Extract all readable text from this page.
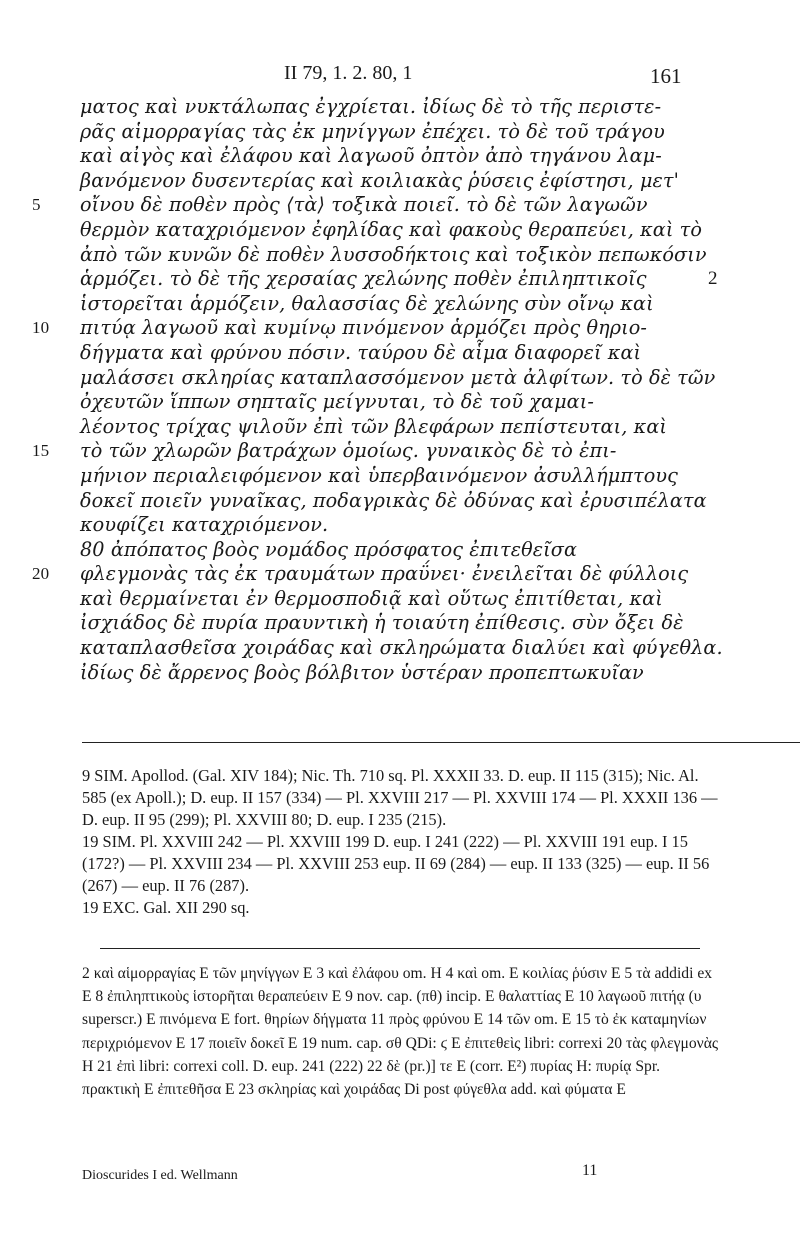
II 79, 1. 2. 80, 1	161
ματος καὶ νυκτάλωπας ἐγχρίεται. ἰδίως δὲ τὸ τῆς περιστε-
ρᾶς αἱμορραγίας τὰς ἐκ μηνίγγων ἐπέχει. τὸ δὲ τοῦ τράγου
καὶ αἰγὸς καὶ ἐλάφου καὶ λαγωοῦ ὀπτὸν ἀπὸ τηγάνου λαμ-
βανόμενον δυσεντερίας καὶ κοιλιακὰς ῥύσεις ἐφίστησι, μετ'
5	οἴνου δὲ ποθὲν πρὸς ⟨τὰ⟩ τοξικὰ ποιεῖ. τὸ δὲ τῶν λαγωῶν
θερμὸν καταχριόμενον ἐφηλίδας καὶ φακοὺς θεραπεύει, καὶ τὸ
ἀπὸ τῶν κυνῶν δὲ ποθὲν λυσσοδήκτοις καὶ τοξικὸν πεπωκόσιν
ἁρμόζει. τὸ δὲ τῆς χερσαίας χελώνης ποθὲν ἐπιληπτικοῖς	2
ἱστορεῖται ἁρμόζειν, θαλασσίας δὲ χελώνης σὺν οἴνῳ καὶ
10	πιτύᾳ λαγωοῦ καὶ κυμίνῳ πινόμενον ἁρμόζει πρὸς θηριο-
δήγματα καὶ φρύνου πόσιν. ταύρου δὲ αἷμα διαφορεῖ καὶ
μαλάσσει σκληρίας καταπλασσόμενον μετὰ ἀλφίτων. τὸ δὲ τῶν
ὀχευτῶν ἵππων σηπταῖς μείγνυται, τὸ δὲ τοῦ χαμαι-
λέοντος τρίχας ψιλοῦν ἐπὶ τῶν βλεφάρων πεπίστευται, καὶ
15	τὸ τῶν χλωρῶν βατράχων ὁμοίως. γυναικὸς δὲ τὸ ἐπι-
μήνιον περιαλειφόμενον καὶ ὑπερβαινόμενον ἀσυλλήμπτους
δοκεῖ ποιεῖν γυναῖκας, ποδαγρικὰς δὲ ὀδύνας καὶ ἐρυσιπέλατα
κουφίζει καταχριόμενον.
80 ἀπόπατος βοὸς νομάδος πρόσφατος ἐπιτεθεῖσα
20	φλεγμονὰς τὰς ἐκ τραυμάτων πραΰνει· ἐνειλεῖται δὲ φύλλοις
καὶ θερμαίνεται ἐν θερμοσποδιᾷ καὶ οὕτως ἐπιτίθεται, καὶ
ἰσχιάδος δὲ πυρία πραυντικὴ ἡ τοιαύτη ἐπίθεσις. σὺν ὄξει δὲ
καταπλασθεῖσα χοιράδας καὶ σκληρώματα διαλύει καὶ φύγεθλα.
ἰδίως δὲ ἄρρενος βοὸς βόλβιτον ὑστέραν προπεπτωκυῖαν

9 SIM. Apollod. (Gal. XIV 184); Nic. Th. 710 sq. Pl. XXXII 33. D. eup. II 115 (315); Nic. Al. 585 (ex Apoll.); D. eup. II 157 (334) — Pl. XXVIII 217 — Pl. XXVIII 174 — Pl. XXXII 136 — D. eup. II 95 (299); Pl. XXVIII 80; D. eup. I 235 (215).

19 SIM. Pl. XXVIII 242 — Pl. XXVIII 199 D. eup. I 241 (222) — Pl. XXVIII 191 eup. I 15 (172?) — Pl. XXVIII 234 — Pl. XXVIII 253 eup. II 69 (284) — eup. II 133 (325) — eup. II 56 (267) — eup. II 76 (287).

19 EXC. Gal. XII 290 sq.

2 καὶ αἱμορραγίας E τῶν μηνίγγων E 3 καὶ ἐλάφου om. H 4 καὶ om. E κοιλίας ῥύσιν E 5 τὰ addidi ex E 8 ἐπιληπτικοὺς ἱστορῆται θεραπεύειν E 9 nov. cap. (πθ) incip. E θαλαττίας E 10 λαγωοῦ πιτήᾳ (υ superscr.) E πινόμενα E fort. θηρίων δήγματα 11 πρὸς φρύνου E 14 τῶν om. E 15 τὸ ἐκ καταμηνίων περιχριόμενον E 17 ποιεῖν δοκεῖ E 19 num. cap. σθ QDi: ϛ E ἐπιτεθεὶς libri: correxi 20 τὰς φλεγμονὰς H 21 ἐπὶ libri: correxi coll. D. eup. 241 (222) 22 δὲ (pr.)] τε E (corr. E²) πυρίας H: πυρίᾳ Spr. πρακτικὴ E ἐπιτεθῆσα E 23 σκληρίας καὶ χοιράδας Di post φύγεθλα add. καὶ φύματα E
Dioscurides I ed. Wellmann	11
